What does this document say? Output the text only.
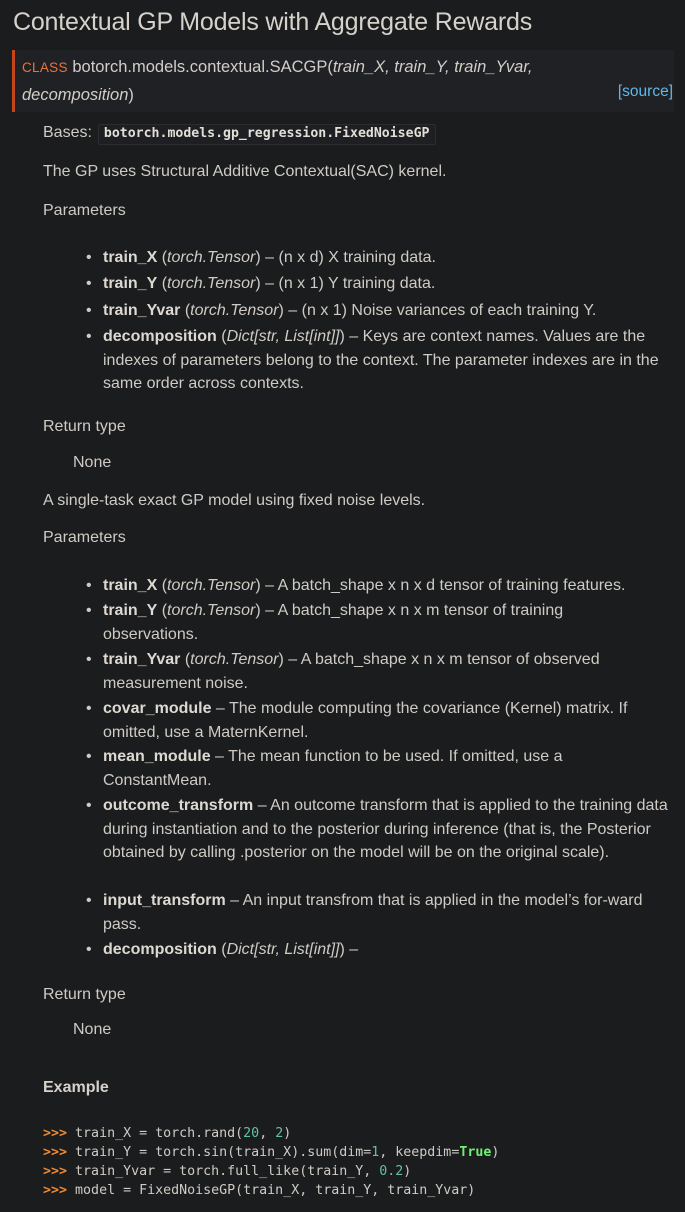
Contextual GP Models with Aggregate Rewards
CLASS botorch.models.contextual.SACGP(train_X, train_Y, train_Yvar,
decomposition)	[source]
Bases: botorch.models.gp_regression.FixedNoiseGP
The GP uses Structural Additive Contextual(SAC) kernel.
Parameters
• train_X (torch.Tensor) – (n x d) X training data.
• train_Y (torch.Tensor) – (n x 1) Y training data.
• train_Yvar (torch.Tensor) – (n x 1) Noise variances of each training Y.
• decomposition (Dict[str, List[int]]) – Keys are context names. Values are the indexes of parameters belong to the context. The parameter indexes are in the same order across contexts.
Return type
None
A single-task exact GP model using fixed noise levels.
Parameters
• train_X (torch.Tensor) – A batch_shape x n x d tensor of training features.
• train_Y (torch.Tensor) – A batch_shape x n x m tensor of training observations.
• train_Yvar (torch.Tensor) – A batch_shape x n x m tensor of observed measurement noise.
• covar_module – The module computing the covariance (Kernel) matrix. If omitted, use a MaternKernel.
• mean_module – The mean function to be used. If omitted, use a ConstantMean.
• outcome_transform – An outcome transform that is applied to the training data during instantiation and to the posterior during inference (that is, the Posterior obtained by calling .posterior on the model will be on the original scale).
• input_transform – An input transfrom that is applied in the model’s for-ward pass.
• decomposition (Dict[str, List[int]]) –
Return type
None
Example
>>> train_X = torch.rand(20, 2)
>>> train_Y = torch.sin(train_X).sum(dim=1, keepdim=True)
>>> train_Yvar = torch.full_like(train_Y, 0.2)
>>> model = FixedNoiseGP(train_X, train_Y, train_Yvar)
